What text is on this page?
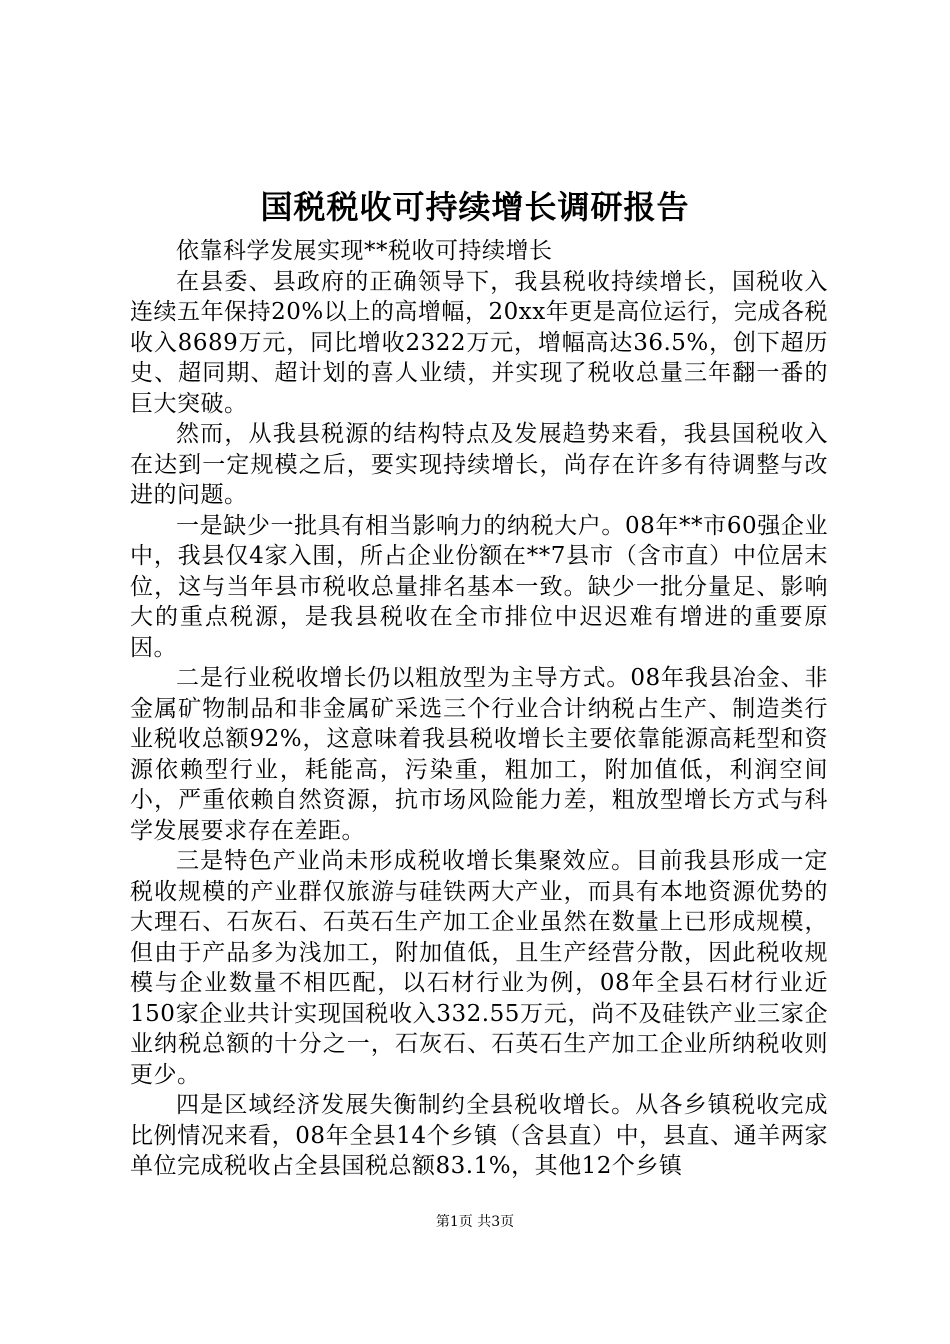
国税税收可持续增长调研报告

依靠科学发展实现**税收可持续增长

在县委、县政府的正确领导下，我县税收持续增长，国税收入连续五年保持20%以上的高增幅，20xx年更是高位运行，完成各税收入8689万元，同比增收2322万元，增幅高达36.5%，创下超历史、超同期、超计划的喜人业绩，并实现了税收总量三年翻一番的巨大突破。

然而，从我县税源的结构特点及发展趋势来看，我县国税收入在达到一定规模之后，要实现持续增长，尚存在许多有待调整与改进的问题。

一是缺少一批具有相当影响力的纳税大户。08年**市60强企业中，我县仅4家入围，所占企业份额在**7县市（含市直）中位居末位，这与当年县市税收总量排名基本一致。缺少一批分量足、影响大的重点税源，是我县税收在全市排位中迟迟难有增进的重要原因。

二是行业税收增长仍以粗放型为主导方式。08年我县冶金、非金属矿物制品和非金属矿采选三个行业合计纳税占生产、制造类行业税收总额92%，这意味着我县税收增长主要依靠能源高耗型和资源依赖型行业，耗能高，污染重，粗加工，附加值低，利润空间小，严重依赖自然资源，抗市场风险能力差，粗放型增长方式与科学发展要求存在差距。

三是特色产业尚未形成税收增长集聚效应。目前我县形成一定税收规模的产业群仅旅游与硅铁两大产业，而具有本地资源优势的大理石、石灰石、石英石生产加工企业虽然在数量上已形成规模，但由于产品多为浅加工，附加值低，且生产经营分散，因此税收规模与企业数量不相匹配，以石材行业为例，08年全县石材行业近150家企业共计实现国税收入332.55万元，尚不及硅铁产业三家企业纳税总额的十分之一，石灰石、石英石生产加工企业所纳税收则更少。

四是区域经济发展失衡制约全县税收增长。从各乡镇税收完成比例情况来看，08年全县14个乡镇（含县直）中，县直、通羊两家单位完成税收占全县国税总额83.1%，其他12个乡镇

第1页 共3页
